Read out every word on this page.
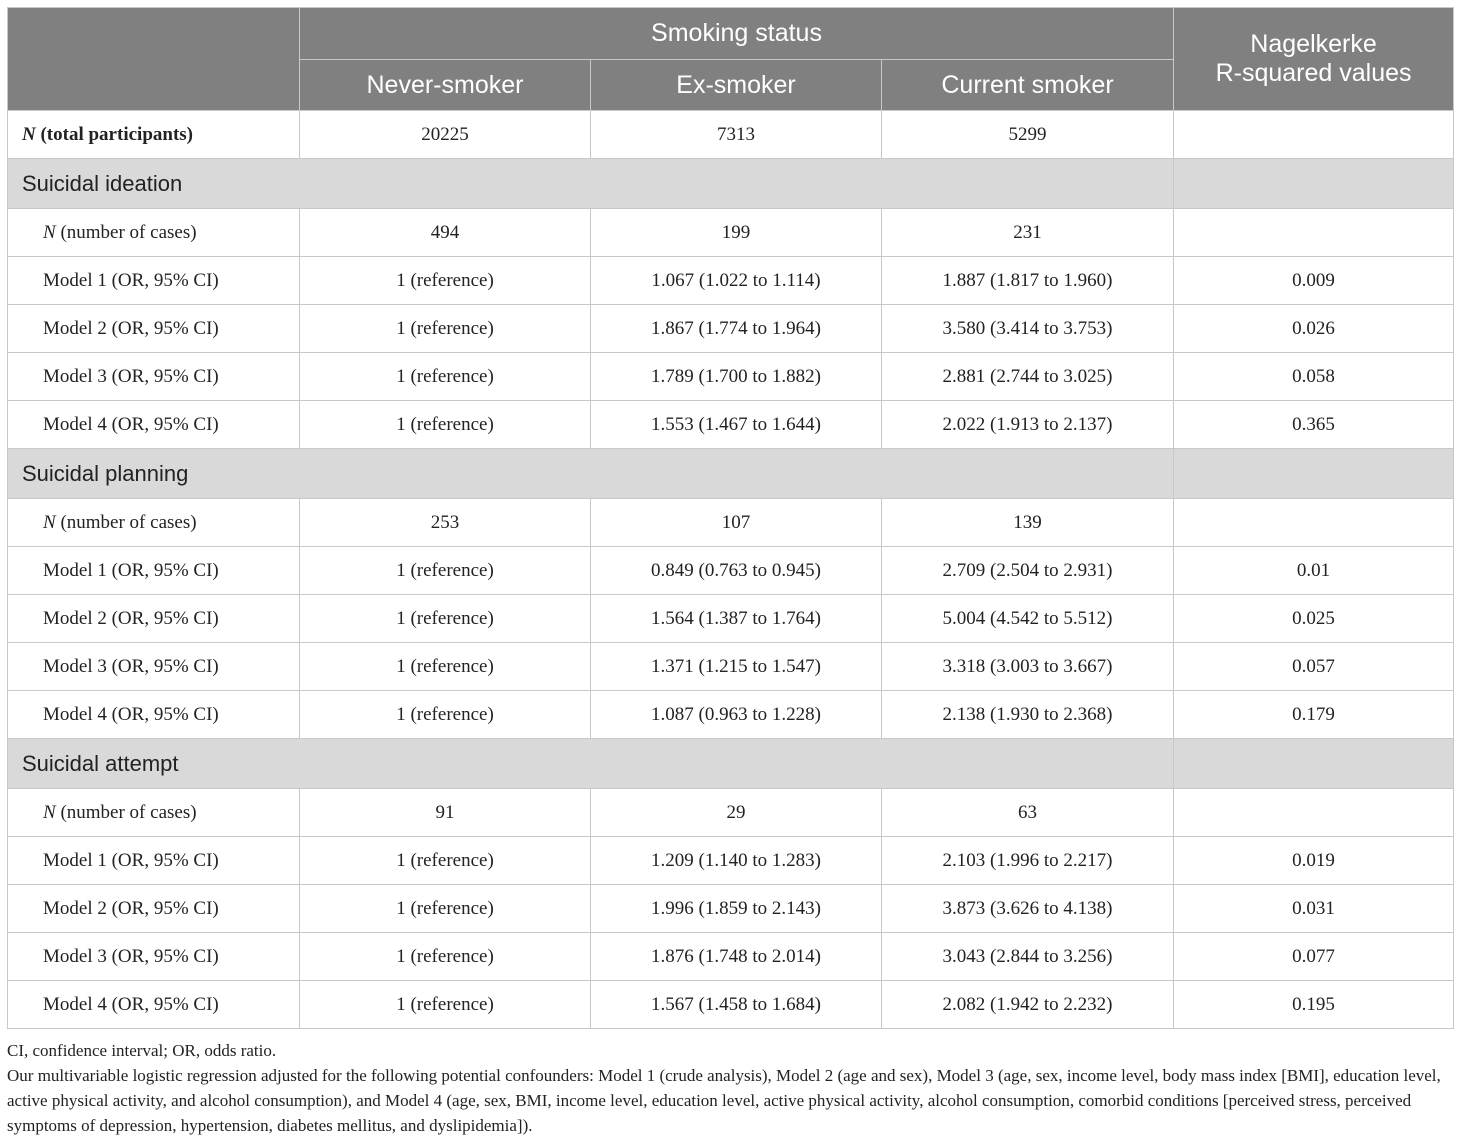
	Smoking status			Nagelkerke
R-squared values
	Never-smoker	Ex-smoker	Current smoker	
N (total participants)	20225	7313	5299	
Suicidal ideation				
N (number of cases)	494	199	231	
Model 1 (OR, 95% CI)	1 (reference)	1.067 (1.022 to 1.114)	1.887 (1.817 to 1.960)	0.009
Model 2 (OR, 95% CI)	1 (reference)	1.867 (1.774 to 1.964)	3.580 (3.414 to 3.753)	0.026
Model 3 (OR, 95% CI)	1 (reference)	1.789 (1.700 to 1.882)	2.881 (2.744 to 3.025)	0.058
Model 4 (OR, 95% CI)	1 (reference)	1.553 (1.467 to 1.644)	2.022 (1.913 to 2.137)	0.365
Suicidal planning				
N (number of cases)	253	107	139	
Model 1 (OR, 95% CI)	1 (reference)	0.849 (0.763 to 0.945)	2.709 (2.504 to 2.931)	0.01
Model 2 (OR, 95% CI)	1 (reference)	1.564 (1.387 to 1.764)	5.004 (4.542 to 5.512)	0.025
Model 3 (OR, 95% CI)	1 (reference)	1.371 (1.215 to 1.547)	3.318 (3.003 to 3.667)	0.057
Model 4 (OR, 95% CI)	1 (reference)	1.087 (0.963 to 1.228)	2.138 (1.930 to 2.368)	0.179
Suicidal attempt				
N (number of cases)	91	29	63	
Model 1 (OR, 95% CI)	1 (reference)	1.209 (1.140 to 1.283)	2.103 (1.996 to 2.217)	0.019
Model 2 (OR, 95% CI)	1 (reference)	1.996 (1.859 to 2.143)	3.873 (3.626 to 4.138)	0.031
Model 3 (OR, 95% CI)	1 (reference)	1.876 (1.748 to 2.014)	3.043 (2.844 to 3.256)	0.077
Model 4 (OR, 95% CI)	1 (reference)	1.567 (1.458 to 1.684)	2.082 (1.942 to 2.232)	0.195

CI, confidence interval; OR, odds ratio.

Our multivariable logistic regression adjusted for the following potential confounders: Model 1 (crude analysis), Model 2 (age and sex), Model 3 (age, sex, income level, body mass index [BMI], education level, active physical activity, and alcohol consumption), and Model 4 (age, sex, BMI, income level, education level, active physical activity, alcohol consumption, comorbid conditions [perceived stress, perceived symptoms of depression, hypertension, diabetes mellitus, and dyslipidemia]).
